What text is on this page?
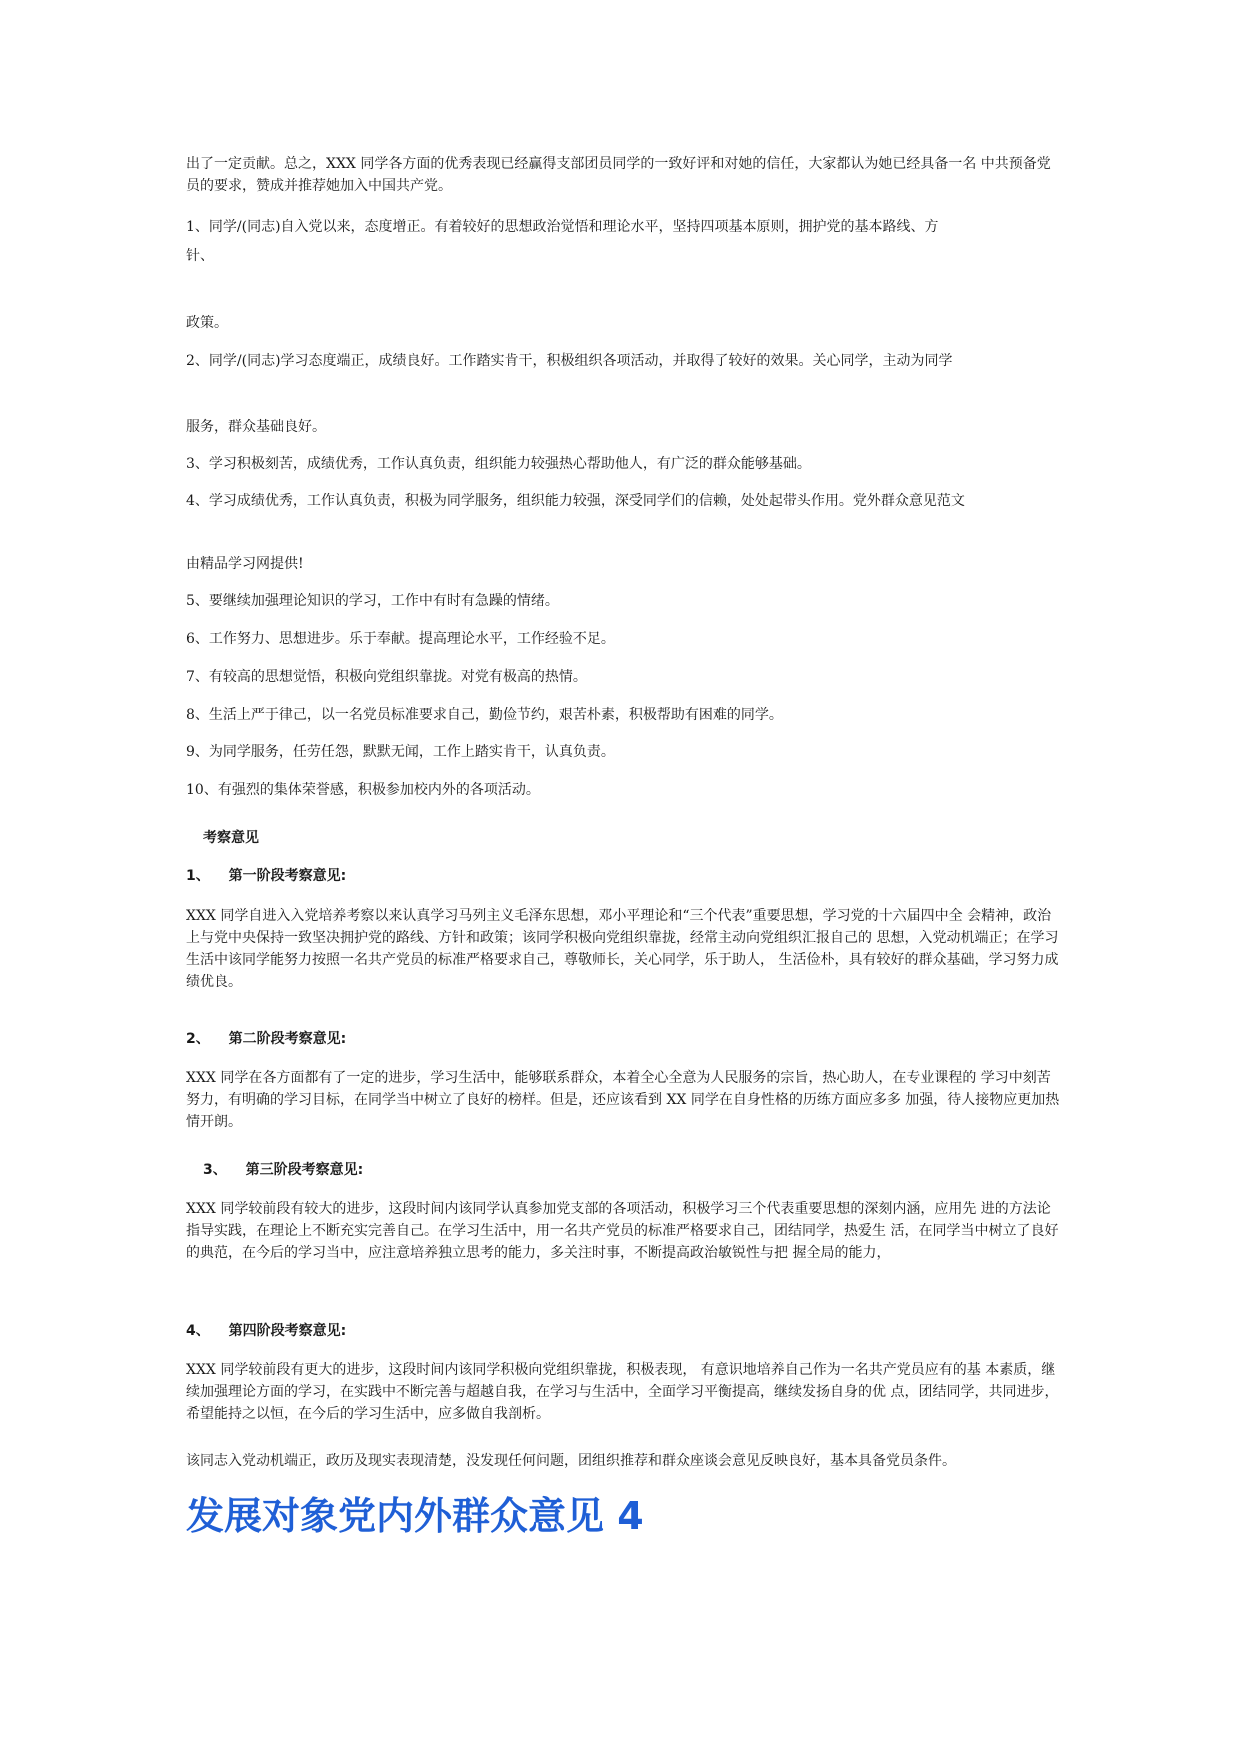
出了一定贡献。总之，XXX 同学各方面的优秀表现已经赢得支部团员同学的一致好评和对她的信任，大家都认为她已经具备一名 中共预备党员的要求，赞成并推荐她加入中国共产党。

1、同学/(同志)自入党以来，态度增正。有着较好的思想政治觉悟和理论水平，坚持四项基本原则，拥护党的基本路线、方

针、

政策。

2、同学/(同志)学习态度端正，成绩良好。工作踏实肯干，积极组织各项活动，并取得了较好的效果。关心同学，主动为同学

服务，群众基础良好。

3、学习积极刻苦，成绩优秀，工作认真负责，组织能力较强热心帮助他人，有广泛的群众能够基础。

4、学习成绩优秀，工作认真负责，积极为同学服务，组织能力较强，深受同学们的信赖，处处起带头作用。党外群众意见范文

由精品学习网提供!

5、要继续加强理论知识的学习，工作中有时有急躁的情绪。

6、工作努力、思想进步。乐于奉献。提高理论水平，工作经验不足。

7、有较高的思想觉悟，积极向党组织靠拢。对党有极高的热情。

8、生活上严于律己，以一名党员标准要求自己，勤俭节约，艰苦朴素，积极帮助有困难的同学。

9、为同学服务，任劳任怨，默默无闻，工作上踏实肯干，认真负责。

10、有强烈的集体荣誉感，积极参加校内外的各项活动。

考察意见

1、 第一阶段考察意见:

XXX 同学自进入入党培养考察以来认真学习马列主义毛泽东思想，邓小平理论和“三个代表”重要思想，学习党的十六届四中全 会精神，政治上与党中央保持一致坚决拥护党的路线、方针和政策；该同学积极向党组织靠拢，经常主动向党组织汇报自己的 思想，入党动机端正；在学习生活中该同学能努力按照一名共产党员的标准严格要求自己，尊敬师长，关心同学，乐于助人， 生活俭朴，具有较好的群众基础，学习努力成绩优良。

2、 第二阶段考察意见:

XXX 同学在各方面都有了一定的进步，学习生活中，能够联系群众，本着全心全意为人民服务的宗旨，热心助人，在专业课程的 学习中刻苦努力，有明确的学习目标，在同学当中树立了良好的榜样。但是，还应该看到 XX 同学在自身性格的历练方面应多多 加强，待人接物应更加热情开朗。

3、 第三阶段考察意见:

XXX 同学较前段有较大的进步，这段时间内该同学认真参加党支部的各项活动，积极学习三个代表重要思想的深刻内涵，应用先 进的方法论指导实践，在理论上不断充实完善自己。在学习生活中，用一名共产党员的标准严格要求自己，团结同学，热爱生 活，在同学当中树立了良好的典范，在今后的学习当中，应注意培养独立思考的能力，多关注时事，不断提高政治敏锐性与把 握全局的能力，

4、 第四阶段考察意见:

XXX 同学较前段有更大的进步，这段时间内该同学积极向党组织靠拢，积极表现， 有意识地培养自己作为一名共产党员应有的基 本素质，继续加强理论方面的学习，在实践中不断完善与超越自我，在学习与生活中，全面学习平衡提高，继续发扬自身的优 点，团结同学，共同进步，希望能持之以恒，在今后的学习生活中，应多做自我剖析。

该同志入党动机端正，政历及现实表现清楚，没发现任何问题，团组织推荐和群众座谈会意见反映良好，基本具备党员条件。

发展对象党内外群众意见 4
